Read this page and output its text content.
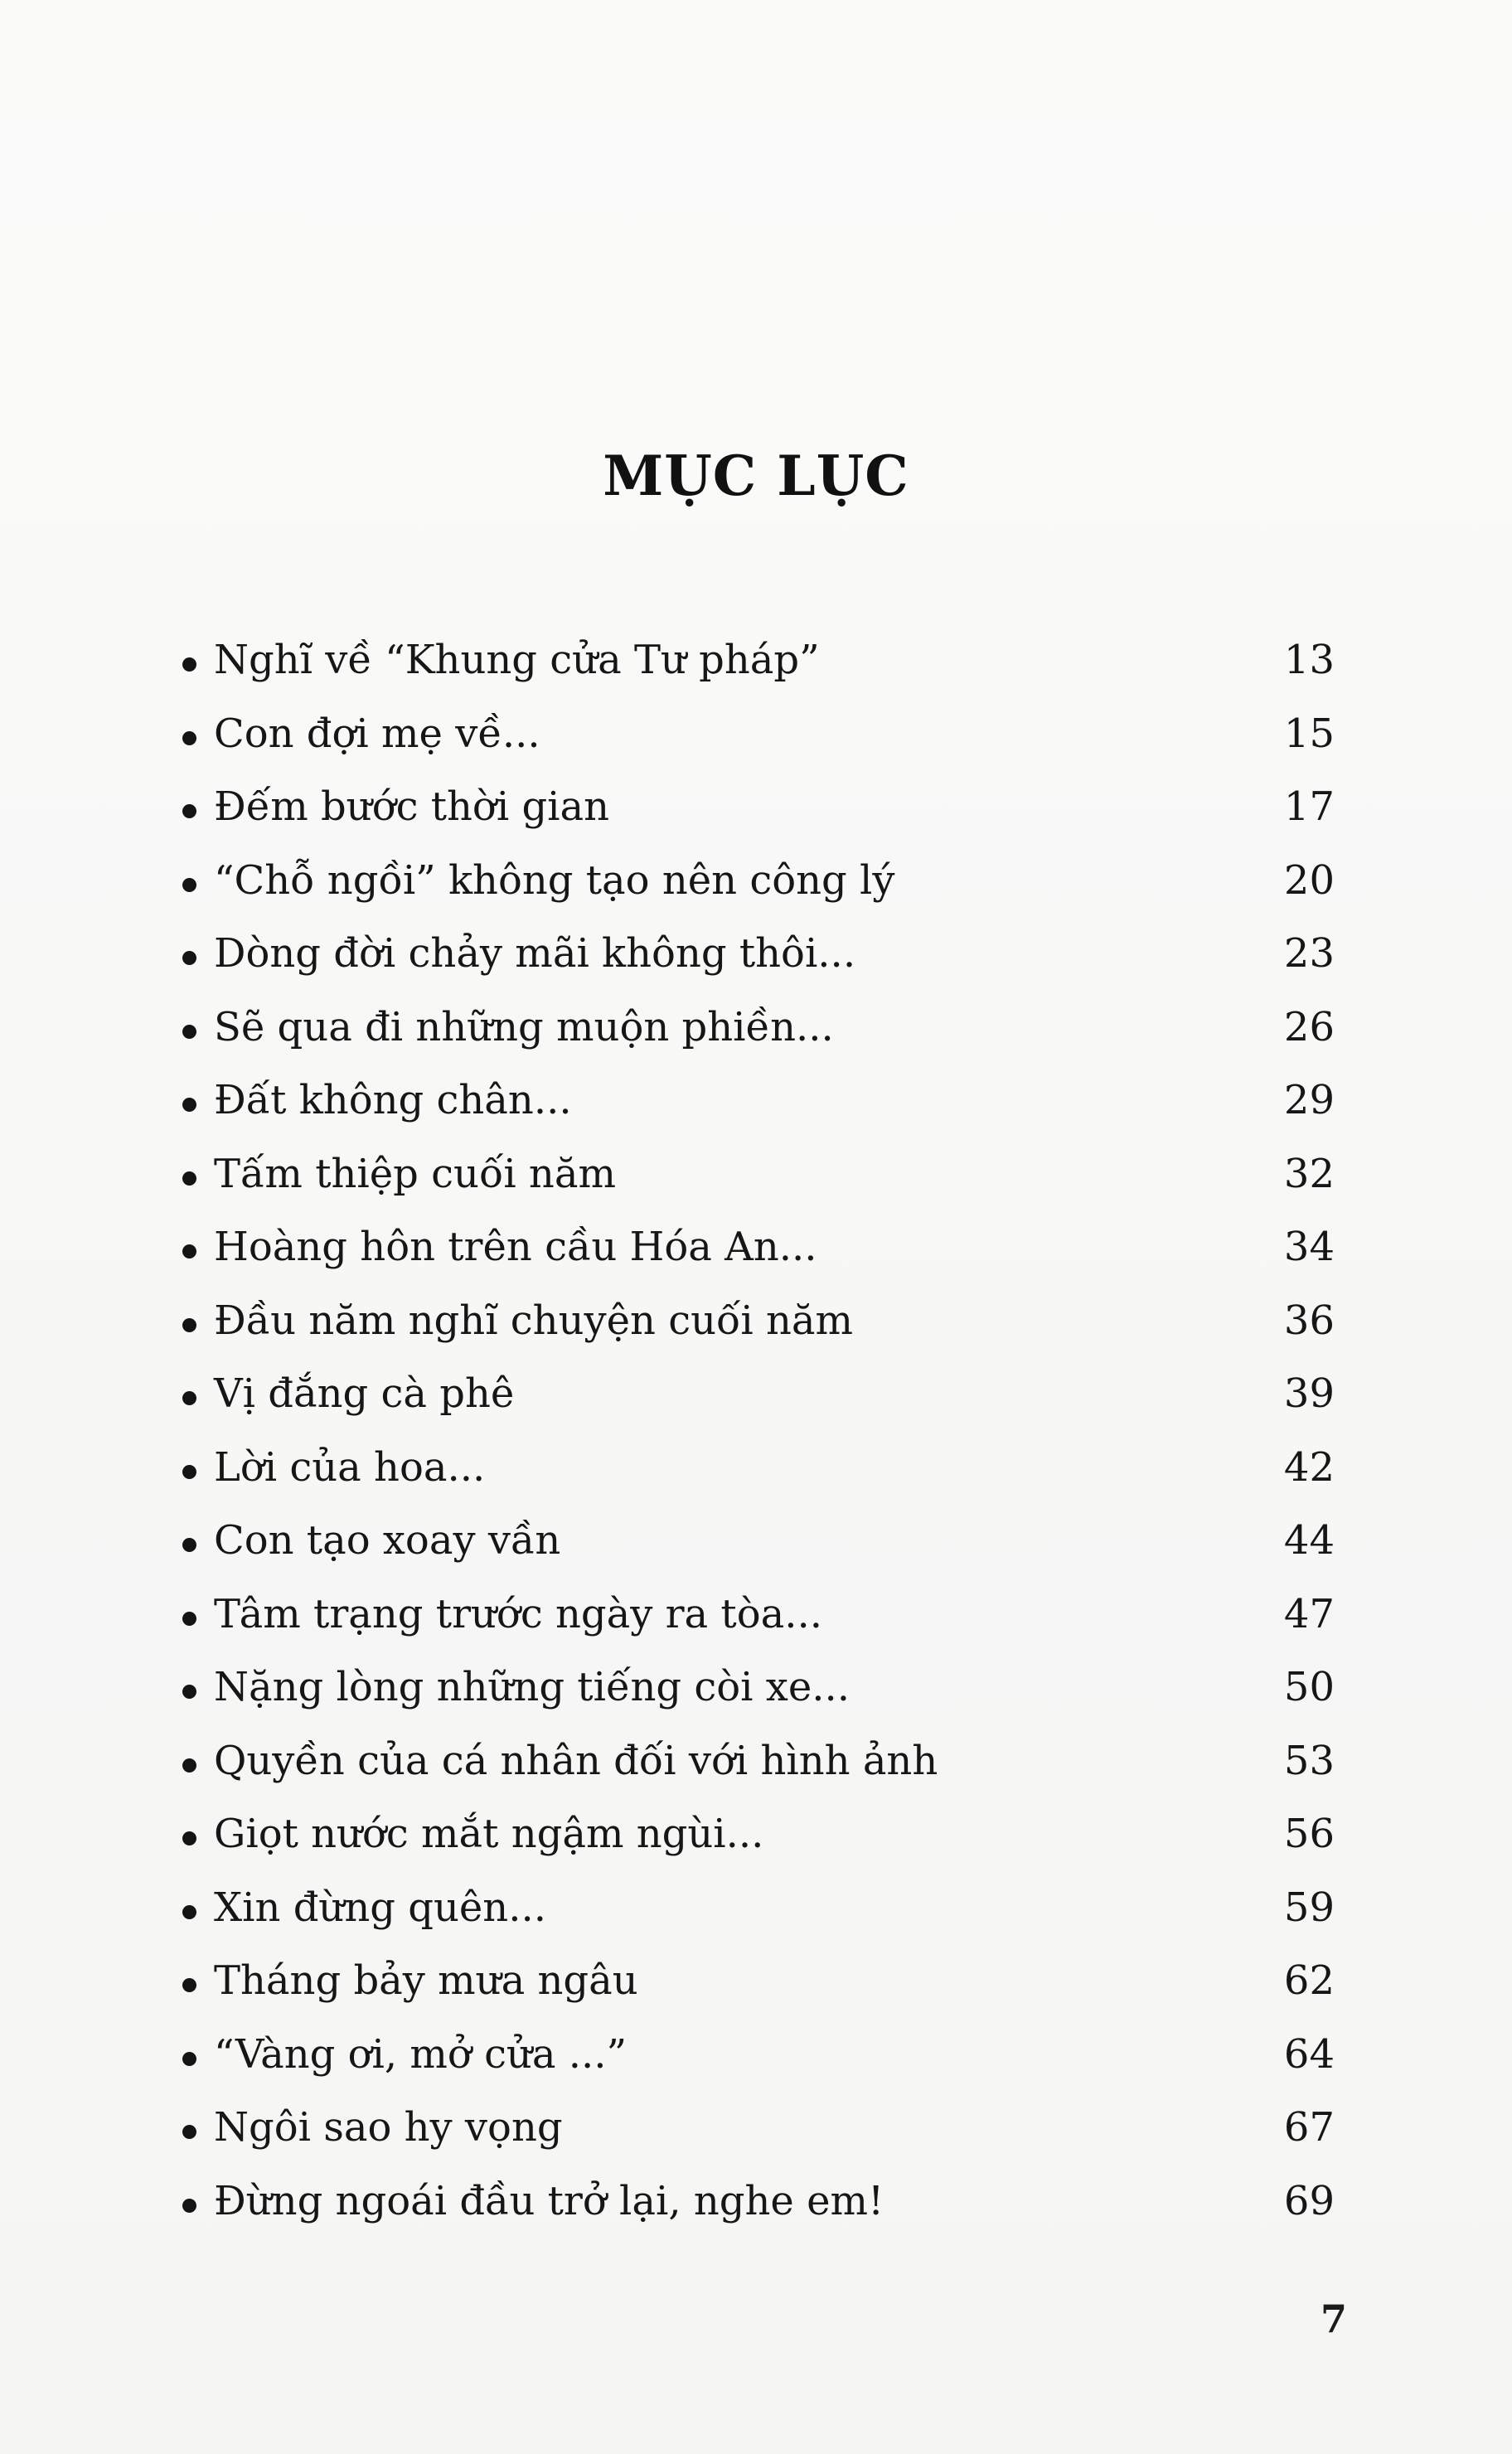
MỤC LỤC
Nghĩ về “Khung cửa Tư pháp”	13
Con đợi mẹ về...	15
Đếm bước thời gian	17
“Chỗ ngồi” không tạo nên công lý	20
Dòng đời chảy mãi không thôi...	23
Sẽ qua đi những muộn phiền...	26
Đất không chân...	29
Tấm thiệp cuối năm	32
Hoàng hôn trên cầu Hóa An...	34
Đầu năm nghĩ chuyện cuối năm	36
Vị đắng cà phê	39
Lời của hoa...	42
Con tạo xoay vần	44
Tâm trạng trước ngày ra tòa...	47
Nặng lòng những tiếng còi xe...	50
Quyền của cá nhân đối với hình ảnh	53
Giọt nước mắt ngậm ngùi...	56
Xin đừng quên...	59
Tháng bảy mưa ngâu	62
“Vàng ơi, mở cửa ...”	64
Ngôi sao hy vọng	67
Đừng ngoái đầu trở lại, nghe em!	69
7
